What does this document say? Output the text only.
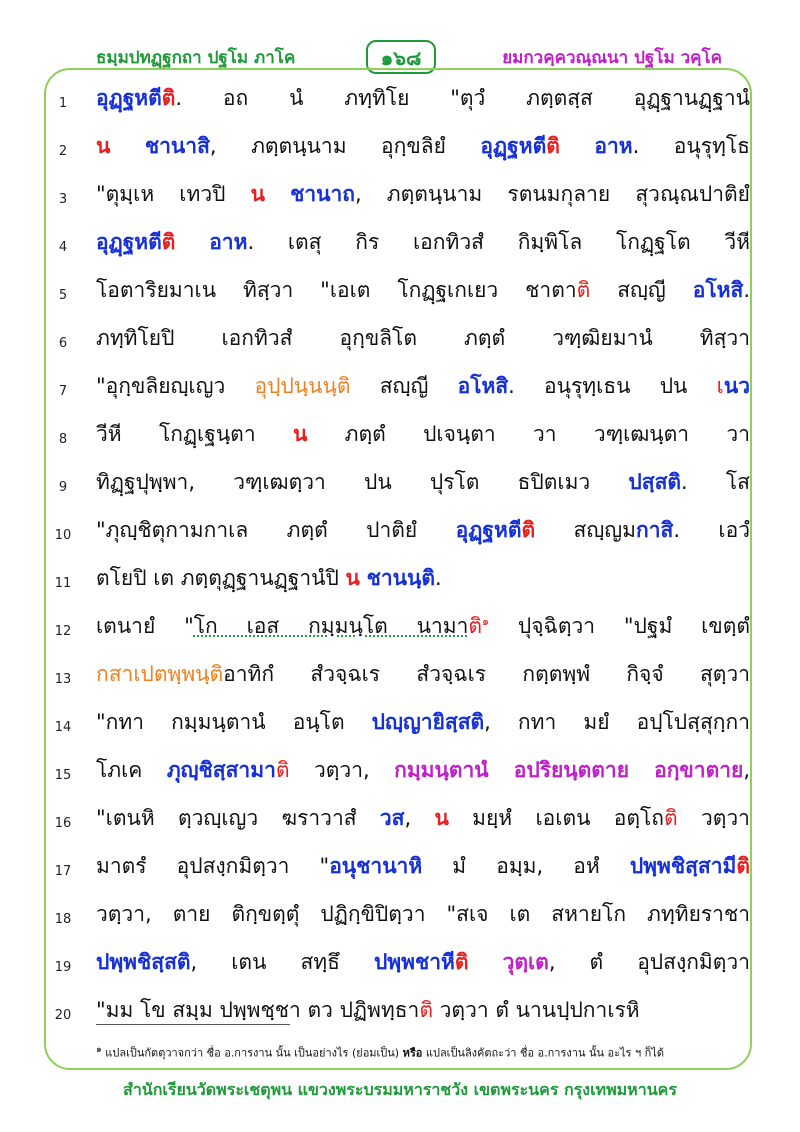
ธมฺมปทฏฺฐกถา ปฐโม ภาโค	๑๖๘	ยมกวคฺควณฺณนา ปฐโม วคฺโค
1	อุฏฺฐหตีติ. อถ นํ ภทฺทิโย "ตุวํ ภตฺตสฺส อุฏฺฐานฏฺฐานํ
2	น ชานาสิ, ภตฺตนฺนาม อุกฺขลิยํ อุฏฺฐหตีติ อาห. อนุรุทฺโธ
3	"ตุมฺเห เทวปิ น ชานาถ, ภตฺตนฺนาม รตนมกุลาย สุวณฺณปาติยํ
4	อุฏฺฐหตีติ อาห. เตสุ กิร เอกทิวสํ กิมฺพิโล โกฏฺฐโต วีหี
5	โอตาริยมาเน ทิสฺวา "เอเต โกฏฺฐเกเยว ชาตาติ สญฺญี อโหสิ.
6	ภทฺทิโยปิ เอกทิวสํ อุกฺขลิโต ภตฺตํ วฑฺฒิยมานํ ทิสฺวา
7	"อุกฺขลิยญฺเญว อุปฺปนฺนนฺติ สญฺญี อโหสิ. อนุรุทฺเธน ปน เนว
8	วีหี โกฏฺเฐนฺตา น ภตฺตํ ปเจนฺตา วา วฑฺเฒนฺตา วา
9	ทิฏฺฐปุพฺพา, วฑฺเฒตฺวา ปน ปุรโต ธปิตเมว ปสฺสติ. โส
10	"ภุญฺชิตุกามกาเล ภตฺตํ ปาติยํ อุฏฺฐหตีติ สญฺญมกาสิ. เอวํ
11	ตโยปิ เต ภตฺตุฏฺฐานฏฺฐานํปิ น ชานนฺติ.
12	เตนายํ "โก เอส กมฺมนฺโต นามาติ$^๑$ ปุจฺฉิตฺวา "ปฐมํ เขตฺตํ
13	กสาเปตพฺพนฺติอาทิกํ สํวจฺฉเร สํวจฺฉเร กตฺตพฺพํ กิจฺจํ สุตฺวา
14	"กทา กมฺมนฺตานํ อนฺโต ปญฺญายิสฺสติ, กทา มยํ อปฺโปสฺสุกฺกา
15	โภเค ภุญฺชิสฺสามาติ วตฺวา, กมฺมนฺตานํ อปริยนฺตตาย อกฺขาตาย,
16	"เตนหิ ตฺวญฺเญว ฆราวาสํ วส, น มยฺหํ เอเตน อตฺโถติ วตฺวา
17	มาตรํ อุปสงฺกมิตฺวา "อนุชานาหิ มํ อมฺม, อหํ ปพฺพชิสฺสามีติ
18	วตฺวา, ตาย ติกฺขตฺตุํ ปฏิกฺขิปิตฺวา "สเจ เต สหายโก ภทฺทิยราชา
19	ปพฺพชิสฺสติ, เตน สทฺธึ ปพฺพชาหีติ วุตฺเต, ตํ อุปสงฺกมิตฺวา
20	"มม โข สมฺม ปพฺพชฺชา ตว ปฏิพทฺธาติ วตฺวา ตํ นานปฺปกาเรหิ
$^๑$ แปลเป็นกัตตุวาจกว่า ชื่อ อ.การงาน นั้น เป็นอย่างไร (ย่อมเป็น) หรือ แปลเป็นลิงคัตถะว่า ชื่อ อ.การงาน นั้น อะไร ฯ ก็ได้
สำนักเรียนวัดพระเชตุพน แขวงพระบรมมหาราชวัง เขตพระนคร กรุงเทพมหานคร
